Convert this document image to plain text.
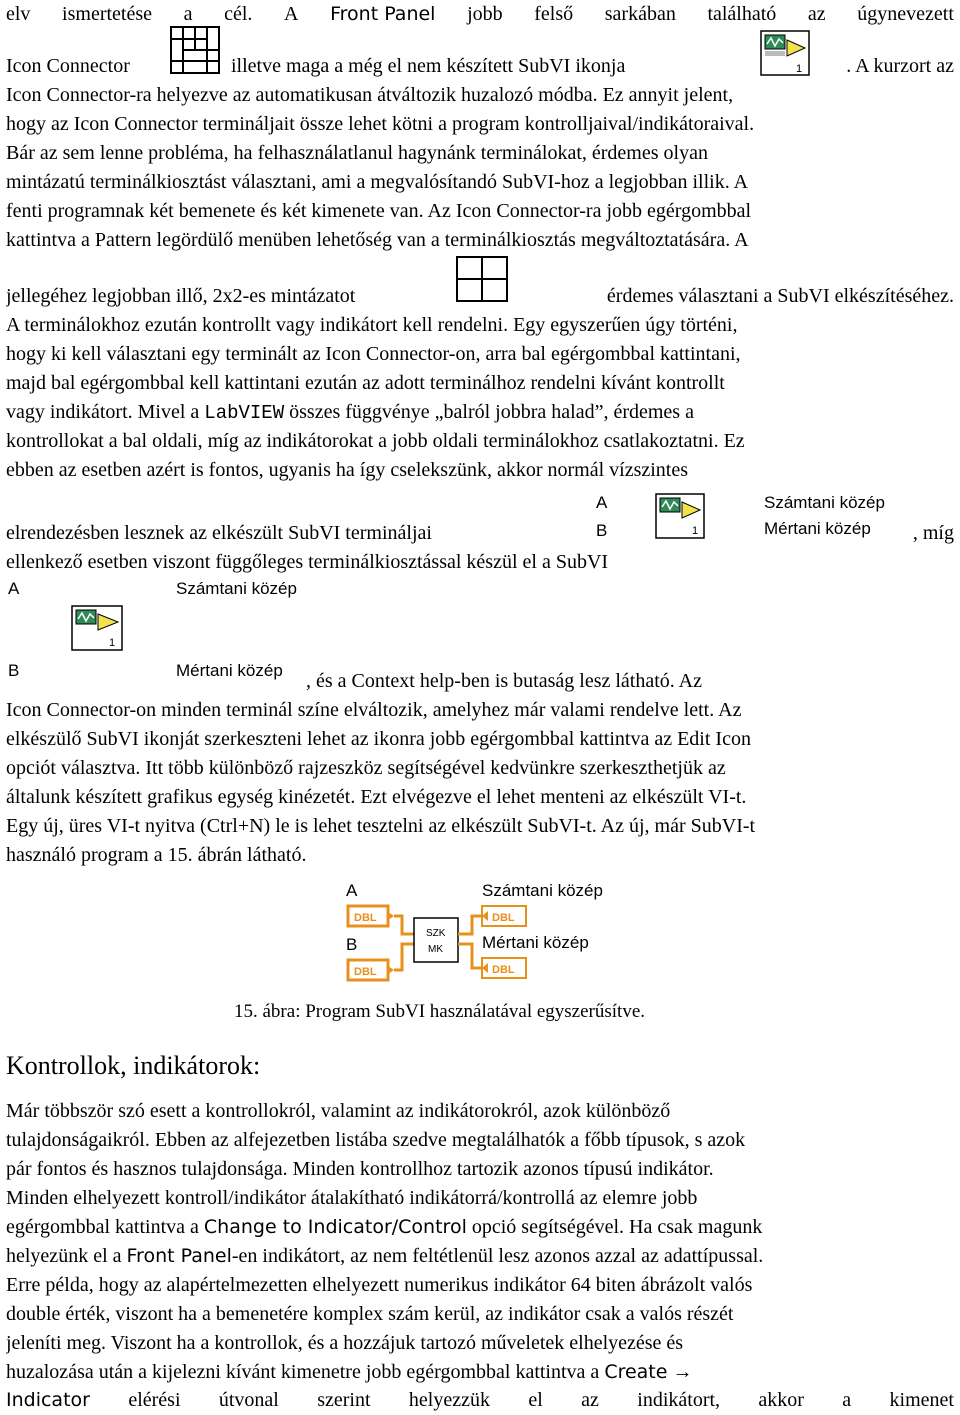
elv ismertetése a cél. A Front Panel jobb felső sarkában található az úgynevezett
Icon Connector	illetve maga a még el nem készített SubVI ikonja	. A kurzort az
1
Icon Connector-ra helyezve az automatikusan átváltozik huzalozó módba. Ez annyit jelent,
hogy az Icon Connector termináljait össze lehet kötni a program kontrolljaival/indikátoraival.
Bár az sem lenne probléma, ha felhasználatlanul hagynánk terminálokat, érdemes olyan
mintázatú terminálkiosztást választani, ami a megvalósítandó SubVI-hoz a legjobban illik. A
fenti programnak két bemenete és két kimenete van. Az Icon Connector-ra jobb egérgombbal
kattintva a Pattern legördülő menüben lehetőség van a terminálkiosztás megváltoztatására. A
jellegéhez legjobban illő, 2x2-es mintázatot	érdemes választani a SubVI elkészítéséhez.
A terminálokhoz ezután kontrollt vagy indikátort kell rendelni. Egy egyszerűen úgy történi,
hogy ki kell választani egy terminált az Icon Connector-on, arra bal egérgombbal kattintani,
majd bal egérgombbal kell kattintani ezután az adott terminálhoz rendelni kívánt kontrollt
vagy indikátort. Mivel a LabVIEW összes függvénye „balról jobbra halad”, érdemes a
kontrollokat a bal oldali, míg az indikátorokat a jobb oldali terminálokhoz csatlakoztatni. Ez
ebben az esetben azért is fontos, ugyanis ha így cselekszünk, akkor normál vízszintes
elrendezésben lesznek az elkészült SubVI termináljai	, míg
A
B	1
Számtani közép
Mértani közép
ellenkező esetben viszont függőleges terminálkiosztással készül el a SubVI
A	Számtani közép
1
B	Mértani közép , és a Context help-ben is butaság lesz látható. Az
Icon Connector-on minden terminál színe elváltozik, amelyhez már valami rendelve lett. Az
elkészülő SubVI ikonját szerkeszteni lehet az ikonra jobb egérgombbal kattintva az Edit Icon
opciót választva. Itt több különböző rajzeszköz segítségével kedvünkre szerkeszthetjük az
általunk készített grafikus egység kinézetét. Ezt elvégezve el lehet menteni az elkészült VI-t.
Egy új, üres VI-t nyitva (Ctrl+N) le is lehet tesztelni az elkészült SubVI-t. Az új, már SubVI-t
használó program a 15. ábrán látható.
A
DBL
B
DBL
SZK
MK
Számtani közép
DBL
Mértani közép
DBL
15. ábra: Program SubVI használatával egyszerűsítve.
Kontrollok, indikátorok:
Már többször szó esett a kontrollokról, valamint az indikátorokról, azok különböző
tulajdonságaikról. Ebben az alfejezetben listába szedve megtalálhatók a főbb típusok, s azok
pár fontos és hasznos tulajdonsága. Minden kontrollhoz tartozik azonos típusú indikátor.
Minden elhelyezett kontroll/indikátor átalakítható indikátorrá/kontrollá az elemre jobb
egérgombbal kattintva a Change to Indicator/Control opció segítségével. Ha csak magunk
helyezünk el a Front Panel-en indikátort, az nem feltétlenül lesz azonos azzal az adattípussal.
Erre példa, hogy az alapértelmezetten elhelyezett numerikus indikátor 64 biten ábrázolt valós
double érték, viszont ha a bemenetére komplex szám kerül, az indikátor csak a valós részét
jeleníti meg. Viszont ha a kontrollok, és a hozzájuk tartozó műveletek elhelyezése és
huzalozása után a kijelezni kívánt kimenetre jobb egérgombbal kattintva a Create →
Indicator elérési útvonal szerint helyezzük el az indikátort, akkor a kimenet
